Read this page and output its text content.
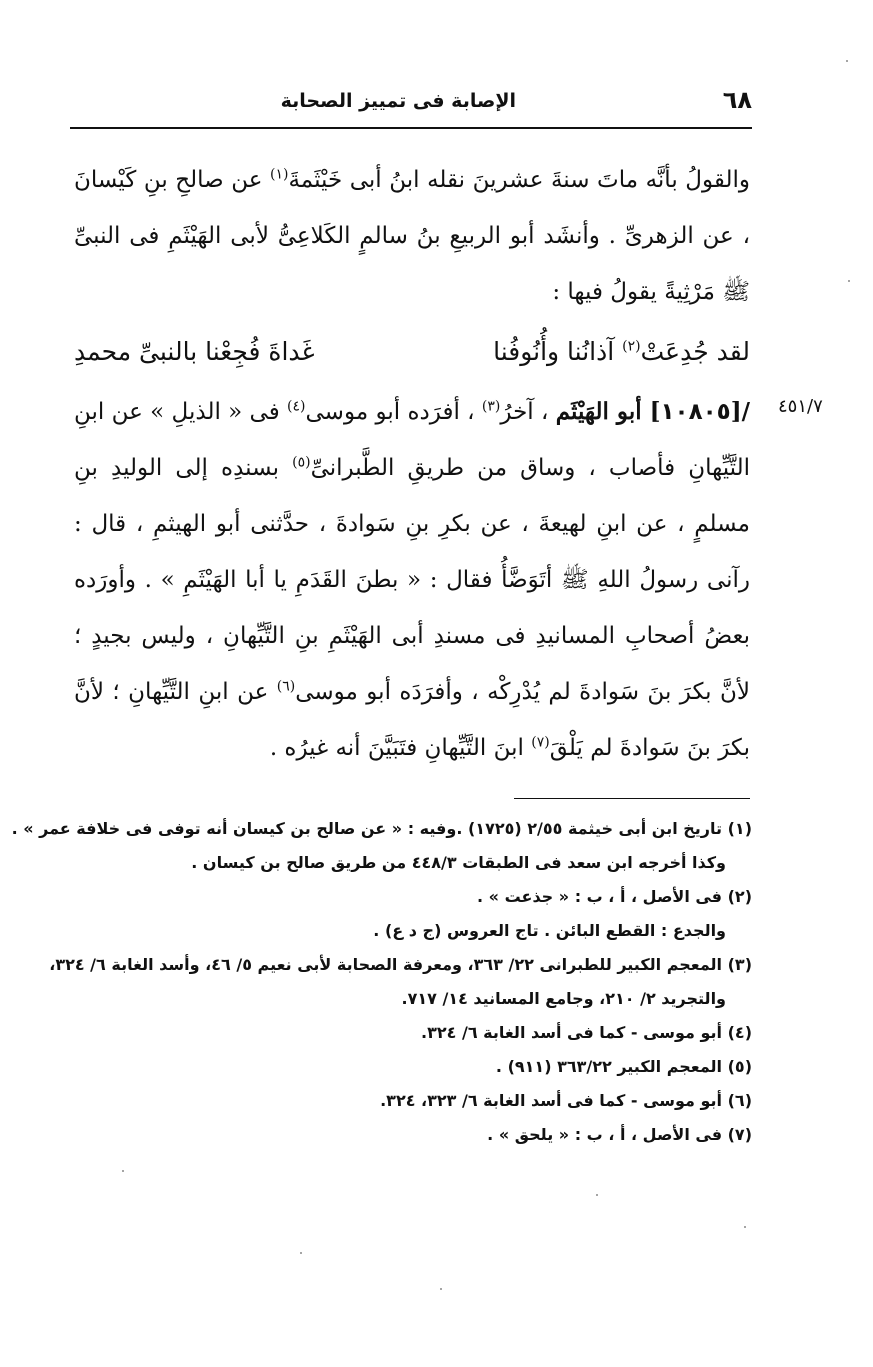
٦٨
الإصابة فى تمييز الصحابة
٤٥١/٧

والقولُ بأنَّه ماتَ سنةَ عشرينَ نقله ابنُ أبى خَيْثَمةَ$^{(١)}$ عن صالحِ بنِ كَيْسانَ ، عن الزهرىِّ . وأنشَد أبو الربيعِ بنُ سالمٍ الكَلاعِىُّ لأبى الهَيْثَمِ فى النبىِّ ﷺ مَرْثِيةً يقولُ فيها :

لقد جُدِعَتْ$^{(٢)}$ آذانُنا وأُنُوفُنا
غَداةَ فُجِعْنا بالنبىِّ محمدِ

/[١٠٨٠٥] أبو الهَيْثَم ، آخرُ$^{(٣)}$ ، أفرَده أبو موسى$^{(٤)}$ فى « الذيلِ » عن ابنِ التَّيِّهانِ فأصاب ، وساق من طريقِ الطَّبرانىِّ$^{(٥)}$ بسندِه إلى الوليدِ بنِ مسلمٍ ، عن ابنِ لهيعةَ ، عن بكرِ بنِ سَوادةَ ، حدَّثنى أبو الهيثمِ ، قال : رآنى رسولُ اللهِ ﷺ أتَوَضَّأُ فقال : « بطنَ القَدَمِ يا أبا الهَيْثَمِ » . وأورَده بعضُ أصحابِ المسانيدِ فى مسندِ أبى الهَيْثَمِ بنِ التَّيِّهانِ ، وليس بجيدٍ ؛ لأنَّ بكرَ بنَ سَوادةَ لم يُدْرِكْه ، وأفرَدَه أبو موسى$^{(٦)}$ عن ابنِ التَّيِّهانِ ؛ لأنَّ بكرَ بنَ سَوادةَ لم يَلْقَ$^{(٧)}$ ابنَ التَّيِّهانِ فتَبَيَّنَ أنه غيرُه .

(١) تاريخ ابن أبى خيثمة ٢/٥٥ (١٧٢٥) .وفيه : « عن صالح بن كيسان أنه توفى فى خلافة عمر » .

وكذا أخرجه ابن سعد فى الطبقات ٤٤٨/٣ من طريق صالح بن كيسان .

(٢) فى الأصل ، أ ، ب : « جذعت » .

والجدع : القطع البائن . تاج العروس (ج د ع) .

(٣) المعجم الكبير للطبرانى ٢٢/ ٣٦٣، ومعرفة الصحابة لأبى نعيم ٥/ ٤٦، وأسد الغابة ٦/ ٣٢٤،

والتجريد ٢/ ٢١٠، وجامع المسانيد ١٤/ ٧١٧.

(٤) أبو موسى - كما فى أسد الغابة ٦/ ٣٢٤.

(٥) المعجم الكبير ٣٦٣/٢٢ (٩١١) .

(٦) أبو موسى - كما فى أسد الغابة ٦/ ٣٢٣، ٣٢٤.

(٧) فى الأصل ، أ ، ب : « يلحق » .
